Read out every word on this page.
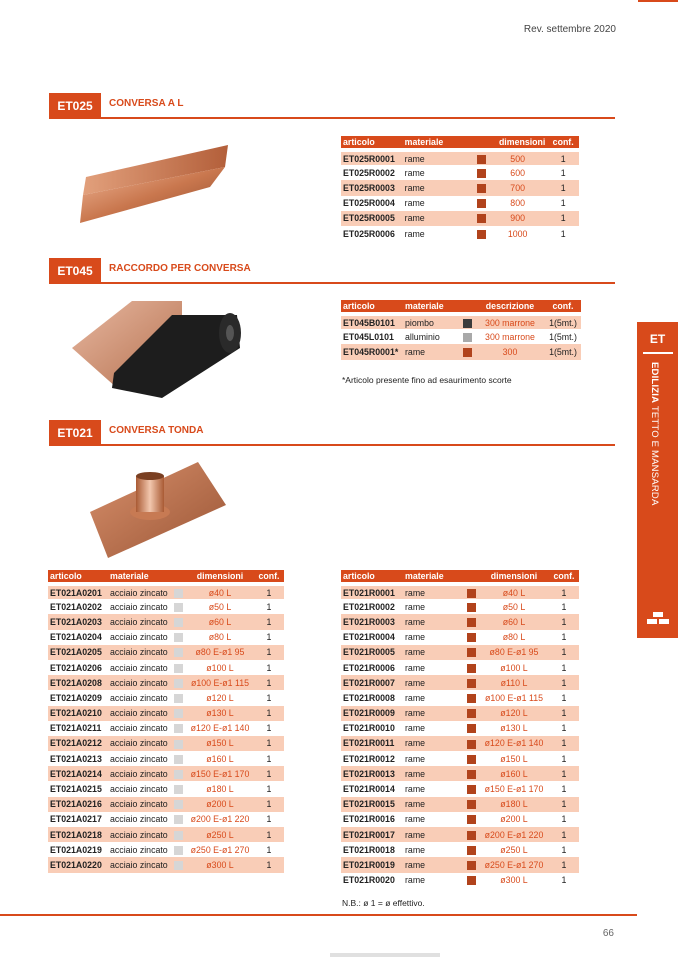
Rev. settembre 2020
ET025	CONVERSA A L
articolo	materiale		dimensioni	conf.
ET025R0001	rame		500	1
ET025R0002	rame		600	1
ET025R0003	rame		700	1
ET025R0004	rame		800	1
ET025R0005	rame		900	1
ET025R0006	rame		1000	1
ET045	RACCORDO PER CONVERSA
articolo	materiale		descrizione	conf.
ET045B0101	piombo		300 marrone	1(5mt.)
ET045L0101	alluminio		300 marrone	1(5mt.)
ET045R0001*	rame		300	1(5mt.)
*Articolo presente fino ad esaurimento scorte
ET021	CONVERSA TONDA
articolo	materiale		dimensioni	conf.
ET021A0201	acciaio zincato		ø40 L	1
ET021A0202	acciaio zincato		ø50 L	1
ET021A0203	acciaio zincato		ø60 L	1
ET021A0204	acciaio zincato		ø80 L	1
ET021A0205	acciaio zincato		ø80 E-ø1 95	1
ET021A0206	acciaio zincato		ø100 L	1
ET021A0208	acciaio zincato		ø100 E-ø1 115	1
ET021A0209	acciaio zincato		ø120 L	1
ET021A0210	acciaio zincato		ø130 L	1
ET021A0211	acciaio zincato		ø120 E-ø1 140	1
ET021A0212	acciaio zincato		ø150 L	1
ET021A0213	acciaio zincato		ø160 L	1
ET021A0214	acciaio zincato		ø150 E-ø1 170	1
ET021A0215	acciaio zincato		ø180 L	1
ET021A0216	acciaio zincato		ø200 L	1
ET021A0217	acciaio zincato		ø200 E-ø1 220	1
ET021A0218	acciaio zincato		ø250 L	1
ET021A0219	acciaio zincato		ø250 E-ø1 270	1
ET021A0220	acciaio zincato		ø300 L	1
articolo	materiale		dimensioni	conf.
ET021R0001	rame		ø40 L	1
ET021R0002	rame		ø50 L	1
ET021R0003	rame		ø60 L	1
ET021R0004	rame		ø80 L	1
ET021R0005	rame		ø80 E-ø1 95	1
ET021R0006	rame		ø100 L	1
ET021R0007	rame		ø110 L	1
ET021R0008	rame		ø100 E-ø1 115	1
ET021R0009	rame		ø120 L	1
ET021R0010	rame		ø130 L	1
ET021R0011	rame		ø120 E-ø1 140	1
ET021R0012	rame		ø150 L	1
ET021R0013	rame		ø160 L	1
ET021R0014	rame		ø150 E-ø1 170	1
ET021R0015	rame		ø180 L	1
ET021R0016	rame		ø200 L	1
ET021R0017	rame		ø200 E-ø1 220	1
ET021R0018	rame		ø250 L	1
ET021R0019	rame		ø250 E-ø1 270	1
ET021R0020	rame		ø300 L	1
N.B.: ø 1 = ø effettivo.
ET
EDILIZIA TETTO E MANSARDA
66
